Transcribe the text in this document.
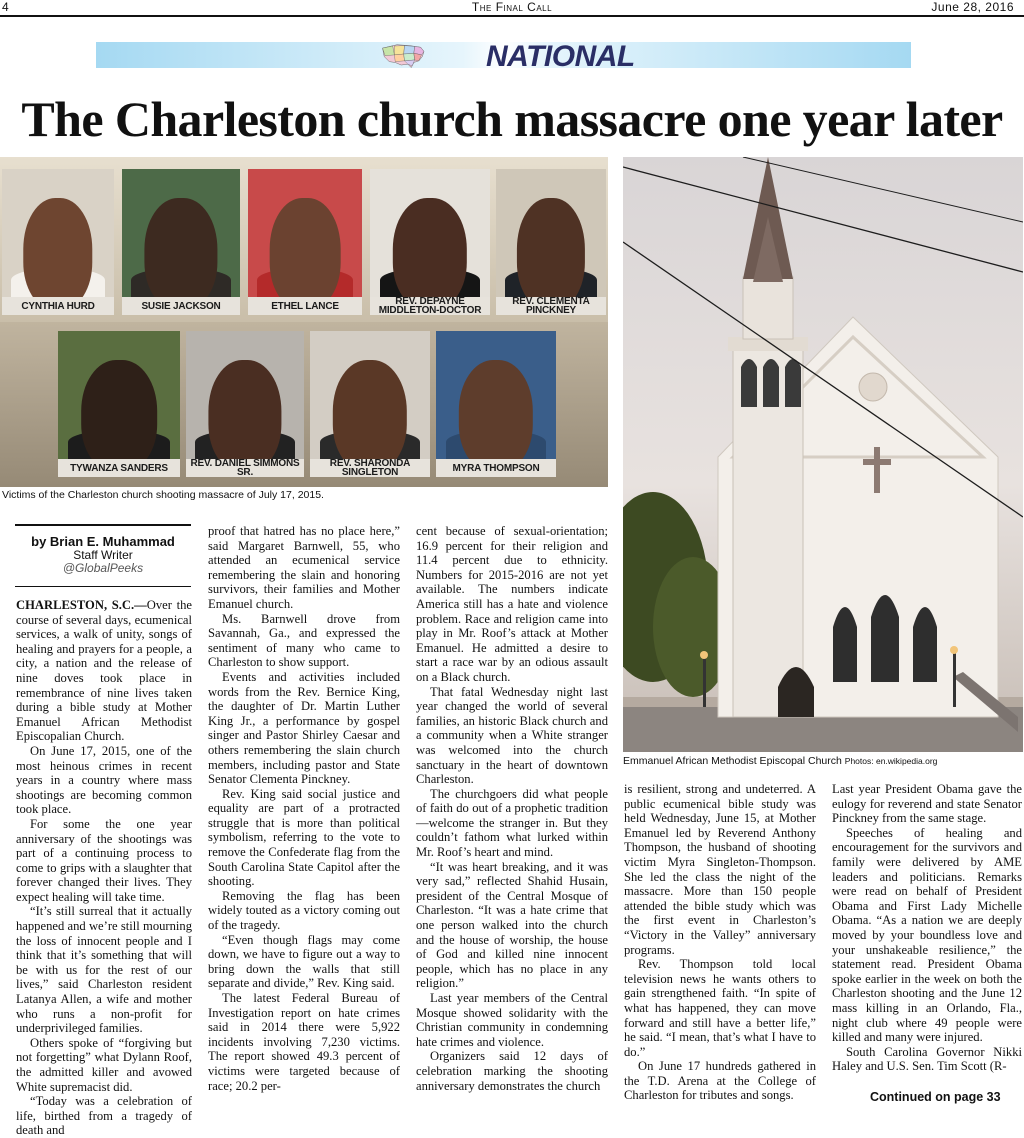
4	The Final Call	June 28, 2016
NATIONAL
The Charleston church massacre one year later
CYNTHIA HURD	SUSIE JACKSON	ETHEL LANCE	REV. DEPAYNE MIDDLETON-DOCTOR
REV. CLEMENTA PINCKNEY
TYWANZA SANDERS	REV. DANIEL SIMMONS SR.
REV. SHARONDA SINGLETON	MYRA THOMPSON
Victims of the Charleston church shooting massacre of July 17, 2015.
Emmanuel African Methodist Episcopal Church Photos: en.wikipedia.org
by Brian E. Muhammad
Staff Writer
@GlobalPeeks

CHARLESTON, S.C.—Over the course of several days, ecumenical services, a walk of unity, songs of healing and prayers for a people, a city, a nation and the release of nine doves took place in remembrance of nine lives taken during a bible study at Mother Emanuel African Methodist Episcopalian Church.

On June 17, 2015, one of the most heinous crimes in recent years in a country where mass shootings are becoming common took place.

For some the one year anniversary of the shootings was part of a continuing process to come to grips with a slaughter that forever changed their lives. They expect healing will take time.

“It’s still surreal that it actually happened and we’re still mourning the loss of innocent people and I think that it’s something that will be with us for the rest of our lives,” said Charleston resident Latanya Allen, a wife and mother who runs a non-profit for underprivileged families.

Others spoke of “forgiving but not forgetting” what Dylann Roof, the admitted killer and avowed White supremacist did.

“Today was a celebration of life, birthed from a tragedy of death and

proof that hatred has no place here,” said Margaret Barnwell, 55, who attended an ecumenical service remembering the slain and honoring survivors, their families and Mother Emanuel church.

Ms. Barnwell drove from Savannah, Ga., and expressed the sentiment of many who came to Charleston to show support.

Events and activities included words from the Rev. Bernice King, the daughter of Dr. Martin Luther King Jr., a performance by gospel singer and Pastor Shirley Caesar and others remembering the slain church members, including pastor and State Senator Clementa Pinckney.

Rev. King said social justice and equality are part of a protracted struggle that is more than political symbolism, referring to the vote to remove the Confederate flag from the South Carolina State Capitol after the shooting.

Removing the flag has been widely touted as a victory coming out of the tragedy.

“Even though flags may come down, we have to figure out a way to bring down the walls that still separate and divide,” Rev. King said.

The latest Federal Bureau of Investigation report on hate crimes said in 2014 there were 5,922 incidents involving 7,230 victims. The report showed 49.3 percent of victims were targeted because of race; 20.2 per-

cent because of sexual-orientation; 16.9 percent for their religion and 11.4 percent due to ethnicity. Numbers for 2015-2016 are not yet available. The numbers indicate America still has a hate and violence problem. Race and religion came into play in Mr. Roof’s attack at Mother Emanuel. He admitted a desire to start a race war by an odious assault on a Black church.

That fatal Wednesday night last year changed the world of several families, an historic Black church and a community when a White stranger was welcomed into the church sanctuary in the heart of downtown Charleston.

The churchgoers did what people of faith do out of a prophetic tradition—welcome the stranger in. But they couldn’t fathom what lurked within Mr. Roof’s heart and mind.

“It was heart breaking, and it was very sad,” reflected Shahid Husain, president of the Central Mosque of Charleston. “It was a hate crime that one person walked into the church and the house of worship, the house of God and killed nine innocent people, which has no place in any religion.”

Last year members of the Central Mosque showed solidarity with the Christian community in condemning hate crimes and violence.

Organizers said 12 days of celebration marking the shooting anniversary demonstrates the church

is resilient, strong and undeterred. A public ecumenical bible study was held Wednesday, June 15, at Mother Emanuel led by Reverend Anthony Thompson, the husband of shooting victim Myra Singleton-Thompson. She led the class the night of the massacre. More than 150 people attended the bible study which was the first event in Charleston’s “Victory in the Valley” anniversary programs.

Rev. Thompson told local television news he wants others to gain strengthened faith. “In spite of what has happened, they can move forward and still have a better life,” he said. “I mean, that’s what I have to do.”

On June 17 hundreds gathered in the T.D. Arena at the College of Charleston for tributes and songs.

Last year President Obama gave the eulogy for reverend and state Senator Pinckney from the same stage.

Speeches of healing and encouragement for the survivors and family were delivered by AME leaders and politicians. Remarks were read on behalf of President Obama and First Lady Michelle Obama. “As a nation we are deeply moved by your boundless love and your unshakeable resilience,” the statement read. President Obama spoke earlier in the week on both the Charleston shooting and the June 12 mass killing in an Orlando, Fla., night club where 49 people were killed and many were injured.

South Carolina Governor Nikki Haley and U.S. Sen. Tim Scott (R-

Continued on page 33
